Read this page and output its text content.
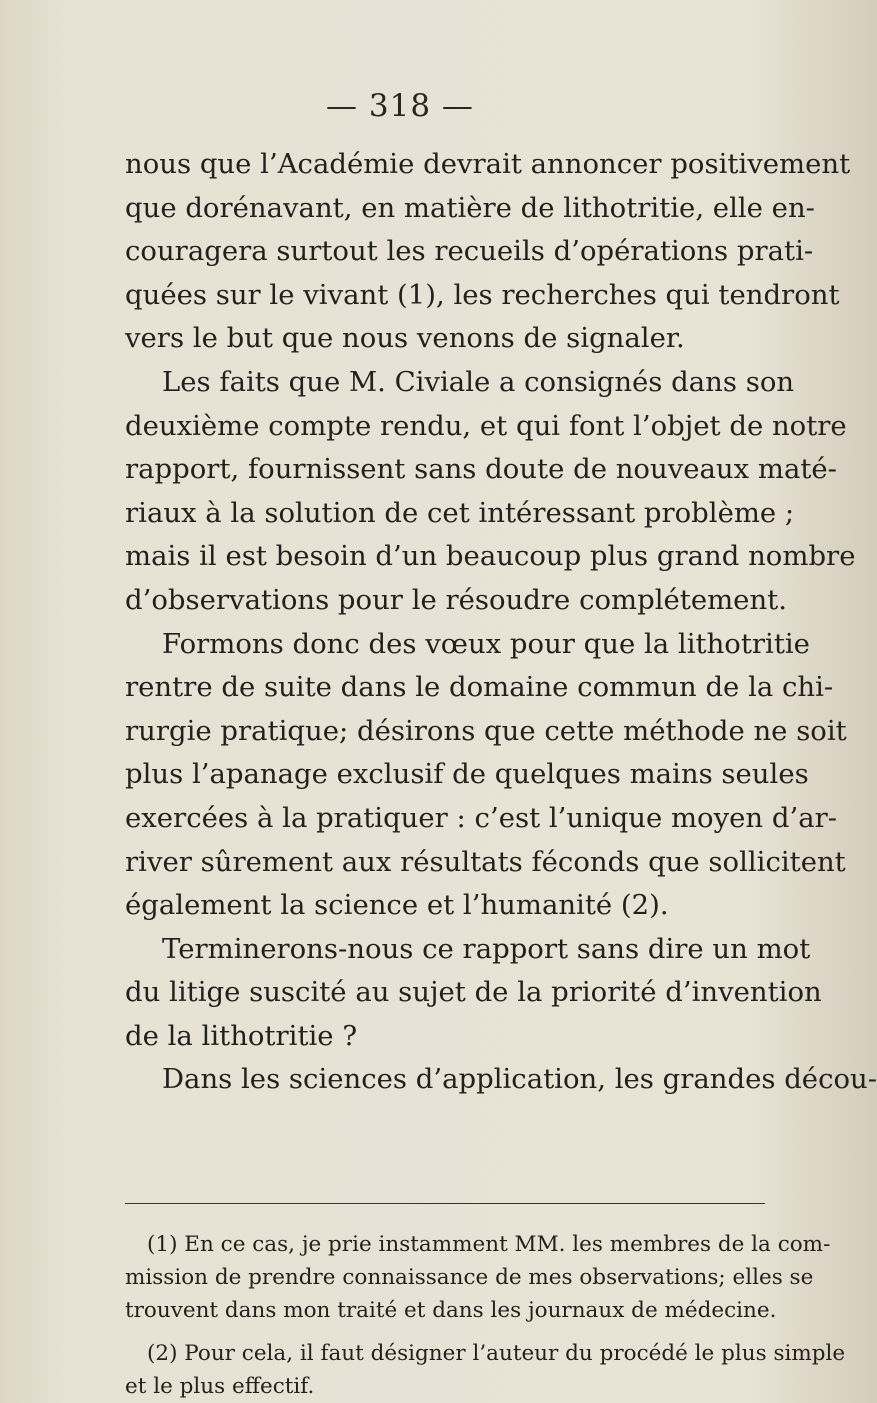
— 318 —
nous que l’Académie devrait annoncer positivement
que dorénavant, en matière de lithotritie, elle en-
couragera surtout les recueils d’opérations prati-
quées sur le vivant (1), les recherches qui tendront
vers le but que nous venons de signaler.
Les faits que M. Civiale a consignés dans son
deuxième compte rendu, et qui font l’objet de notre
rapport, fournissent sans doute de nouveaux maté-
riaux à la solution de cet intéressant problème ;
mais il est besoin d’un beaucoup plus grand nombre
d’observations pour le résoudre complétement.
Formons donc des vœux pour que la lithotritie
rentre de suite dans le domaine commun de la chi-
rurgie pratique; désirons que cette méthode ne soit
plus l’apanage exclusif de quelques mains seules
exercées à la pratiquer : c’est l’unique moyen d’ar-
river sûrement aux résultats féconds que sollicitent
également la science et l’humanité (2).
Terminerons-nous ce rapport sans dire un mot
du litige suscité au sujet de la priorité d’invention
de la lithotritie ?
Dans les sciences d’application, les grandes décou-
(1) En ce cas, je prie instamment MM. les membres de la com-
mission de prendre connaissance de mes observations; elles se
trouvent dans mon traité et dans les journaux de médecine.
(2) Pour cela, il faut désigner l’auteur du procédé le plus simple
et le plus effectif.
